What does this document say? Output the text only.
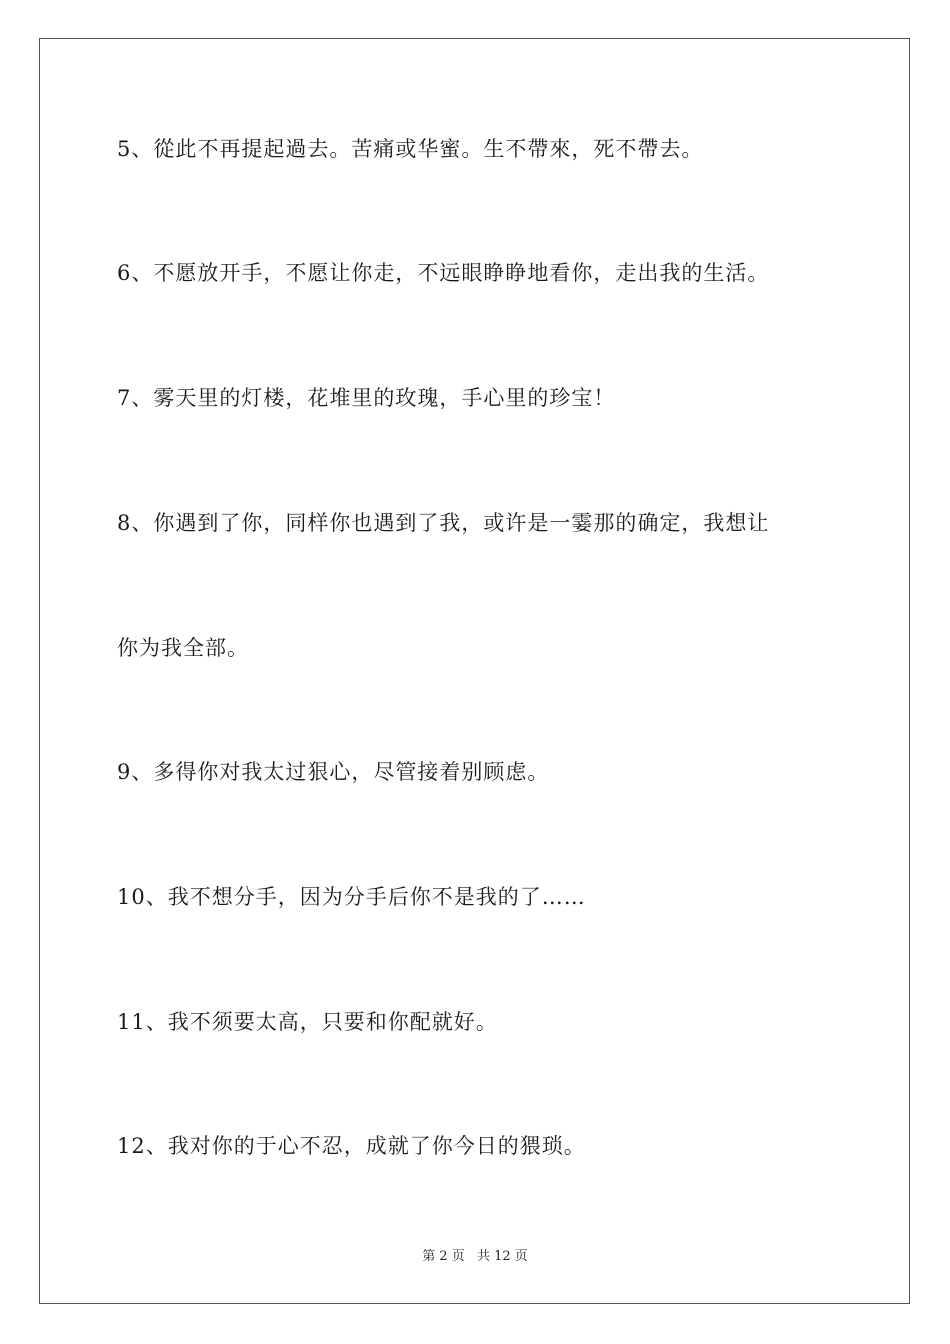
5、從此不再提起過去。苦痛或华蜜。生不帶來，死不帶去。
6、不愿放开手，不愿让你走，不远眼睁睁地看你，走出我的生活。
7、雾天里的灯楼，花堆里的玫瑰，手心里的珍宝！
8、你遇到了你，同样你也遇到了我，或许是一霎那的确定，我想让
你为我全部。
9、多得你对我太过狠心，尽管接着别顾虑。
10、我不想分手，因为分手后你不是我的了……
11、我不须要太高，只要和你配就好。
12、我对你的于心不忍，成就了你今日的猥琐。
第 2 页 共 12 页
